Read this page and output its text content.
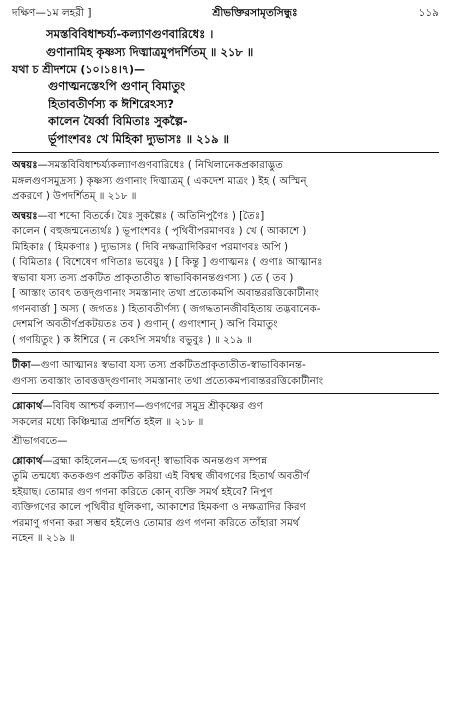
দক্ষিণ—১ম লহরী ]	শ্রীভক্তিরসামৃতসিন্ধুঃ	১১৯
সমস্তবিবিধাশ্চর্য্য-কল্যাণগুণবারিধেঃ ।
গুণানামিহ কৃষ্ণস্য দিঙ্মাত্রমুপদর্শিতম্ ॥ ২১৮ ॥
যথা চ শ্রীদশমে (১০।১৪।৭)—
গুণাত্মনস্তেঽপি গুণান্ বিমাতুং
হিতাবতীর্ণস্য ক ঈশিরেঽস্য?
কালেন যৈর্ব্বা বিমিতাঃ সুকল্পৈ-
র্ভূপাংশবঃ খে মিহিকা দ্যুভাসঃ ॥ ২১৯ ॥
অন্বয়ঃ—সমস্তবিবিধাশ্চর্য্যকল্যাণগুণবারিধেঃ ( নিখিলানেকপ্রকারাদ্ভুত
মঙ্গলগুণসমুদ্রস্য ) কৃষ্ণস্য গুণানাং দিঙ্মাত্রম্ ( একদেশ মাত্রং ) ইহ ( অস্মিন্
প্রকরণে ) উপদর্শিতম্ ॥ ২১৮ ॥
অন্বয়ঃ—বা শব্দো বিতর্কে। যৈঃ সুকল্পৈঃ ( অতিনিপুণৈঃ ) [তৈঃ]
কালেন ( বহুজন্মনেত্যর্থঃ ) ভূপাংশবঃ ( পৃথিবীপরমাণবঃ ) খে ( আকাশে )
মিহিকাঃ ( হিমকণাঃ ) দ্যুভাসঃ ( দিবি নক্ষত্রাদিকিরণ পরমাণবঃ অপি )
( বিমিতাঃ ( বিশেষেণ গণিতাঃ ভবেয়ুঃ ) [ কিন্তু ] গুণাত্মনঃ ( গুণাঃ আত্মানঃ
স্বভাবা যস্য তস্য প্রকটিত প্রাকৃতাতীত স্বাভাবিকানন্তগুণস্য ) তে ( তব )
[ আস্তাং তাবৎ তত্তদ্গুণানাং সমস্তানাং তথা প্রত্যেকমপি অবান্তররত্তিকোটীনাং
গণনবার্ত্তা ] অস্য ( জগতঃ ) হিতাবতীর্ণস্য ( জগদ্ধতানজীবহিতায় তদ্ভবানেক-
দেশমপি অবতীর্ণপ্রকটয়তঃ তব ) গুণান্ ( গুণাংশান্ ) অপি বিমাতুং
( গণয়িতুং ) ক ঈশিরে ( ন কেঽপি সমর্থাঃ বভুবুঃ ) ॥ ২১৯ ॥
টীকা—গুণা আত্মানঃ স্বভাবা যস্য তস্য প্রকটিতপ্রাকৃতাতীত-স্বাভাবিকানন্ত-
গুণস্য তবাস্তাং তাবত্তত্তদ্গুণানাং সমস্তানাং তথা প্রত্যেকমপ্যবান্তররত্তিকোটীনাং
শ্লোকার্থ—বিবিধ আশ্চর্য কল্যাণ—গুণগণের সমুদ্র শ্রীকৃষ্ণের গুণ
সকলের মধ্যে কিঞ্চিন্মাত্র প্রদর্শিত হইল ॥ ২১৮ ॥
শ্রীভাগবতে—
শ্লোকার্থ—ব্রহ্মা কহিলেন—হে ভগবন্! স্বাভাবিক অনন্তগুণ সম্পন্ন
তুমি তন্মধ্যে কতকগুণ প্রকটিত করিয়া এই বিশ্বস্থ জীবগণের হিতার্থ অবতীর্ণ
হইয়াছ। তোমার গুণ গণনা করিতে কোন্ ব্যক্তি সমর্থ হইবে? নিপুণ
ব্যক্তিগণের কালে পৃথিবীর ধূলিকণা, আকাশের হিমকণা ও নক্ষত্রাদির কিরণ
পরমাণু গণনা করা সম্ভব হইলেও তোমার গুণ গণনা করিতে তাঁহারা সমর্থ
নহেন ॥ ২১৯ ॥
